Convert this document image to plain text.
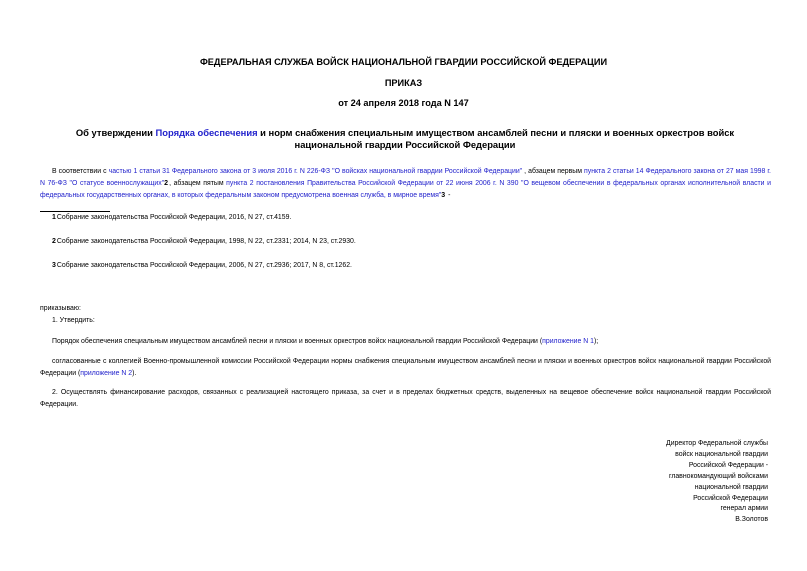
ФЕДЕРАЛЬНАЯ СЛУЖБА ВОЙСК НАЦИОНАЛЬНОЙ ГВАРДИИ РОССИЙСКОЙ ФЕДЕРАЦИИ
ПРИКАЗ
от 24 апреля 2018 года N 147
Об утверждении Порядка обеспечения и норм снабжения специальным имуществом ансамблей песни и пляски и военных оркестров войск национальной гвардии Российской Федерации
В соответствии с частью 1 статьи 31 Федерального закона от 3 июля 2016 г. N 226-ФЗ "О войсках национальной гвардии Российской Федерации" , абзацем первым пункта 2 статьи 14 Федерального закона от 27 мая 1998 г. N 76-ФЗ "О статусе военнослужащих"2, абзацем пятым пункта 2 постановления Правительства Российской Федерации от 22 июня 2006 г. N 390 "О вещевом обеспечении в федеральных органах исполнительной власти и федеральных государственных органах, в которых федеральным законом предусмотрена военная служба, в мирное время"3 -
1Собрание законодательства Российской Федерации, 2016, N 27, ст.4159.
2Собрание законодательства Российской Федерации, 1998, N 22, ст.2331; 2014, N 23, ст.2930.
3Собрание законодательства Российской Федерации, 2006, N 27, ст.2936; 2017, N 8, ст.1262.
приказываю:
1. Утвердить:
Порядок обеспечения специальным имуществом ансамблей песни и пляски и военных оркестров войск национальной гвардии Российской Федерации (приложение N 1);
согласованные с коллегией Военно-промышленной комиссии Российской Федерации нормы снабжения специальным имуществом ансамблей песни и пляски и военных оркестров войск национальной гвардии Российской Федерации (приложение N 2).
2. Осуществлять финансирование расходов, связанных с реализацией настоящего приказа, за счет и в пределах бюджетных средств, выделенных на вещевое обеспечение войск национальной гвардии Российской Федерации.
Директор Федеральной службы
войск национальной гвардии
Российской Федерации -
главнокомандующий войсками
национальной гвардии
Российской Федерации
генерал армии
В.Золотов
